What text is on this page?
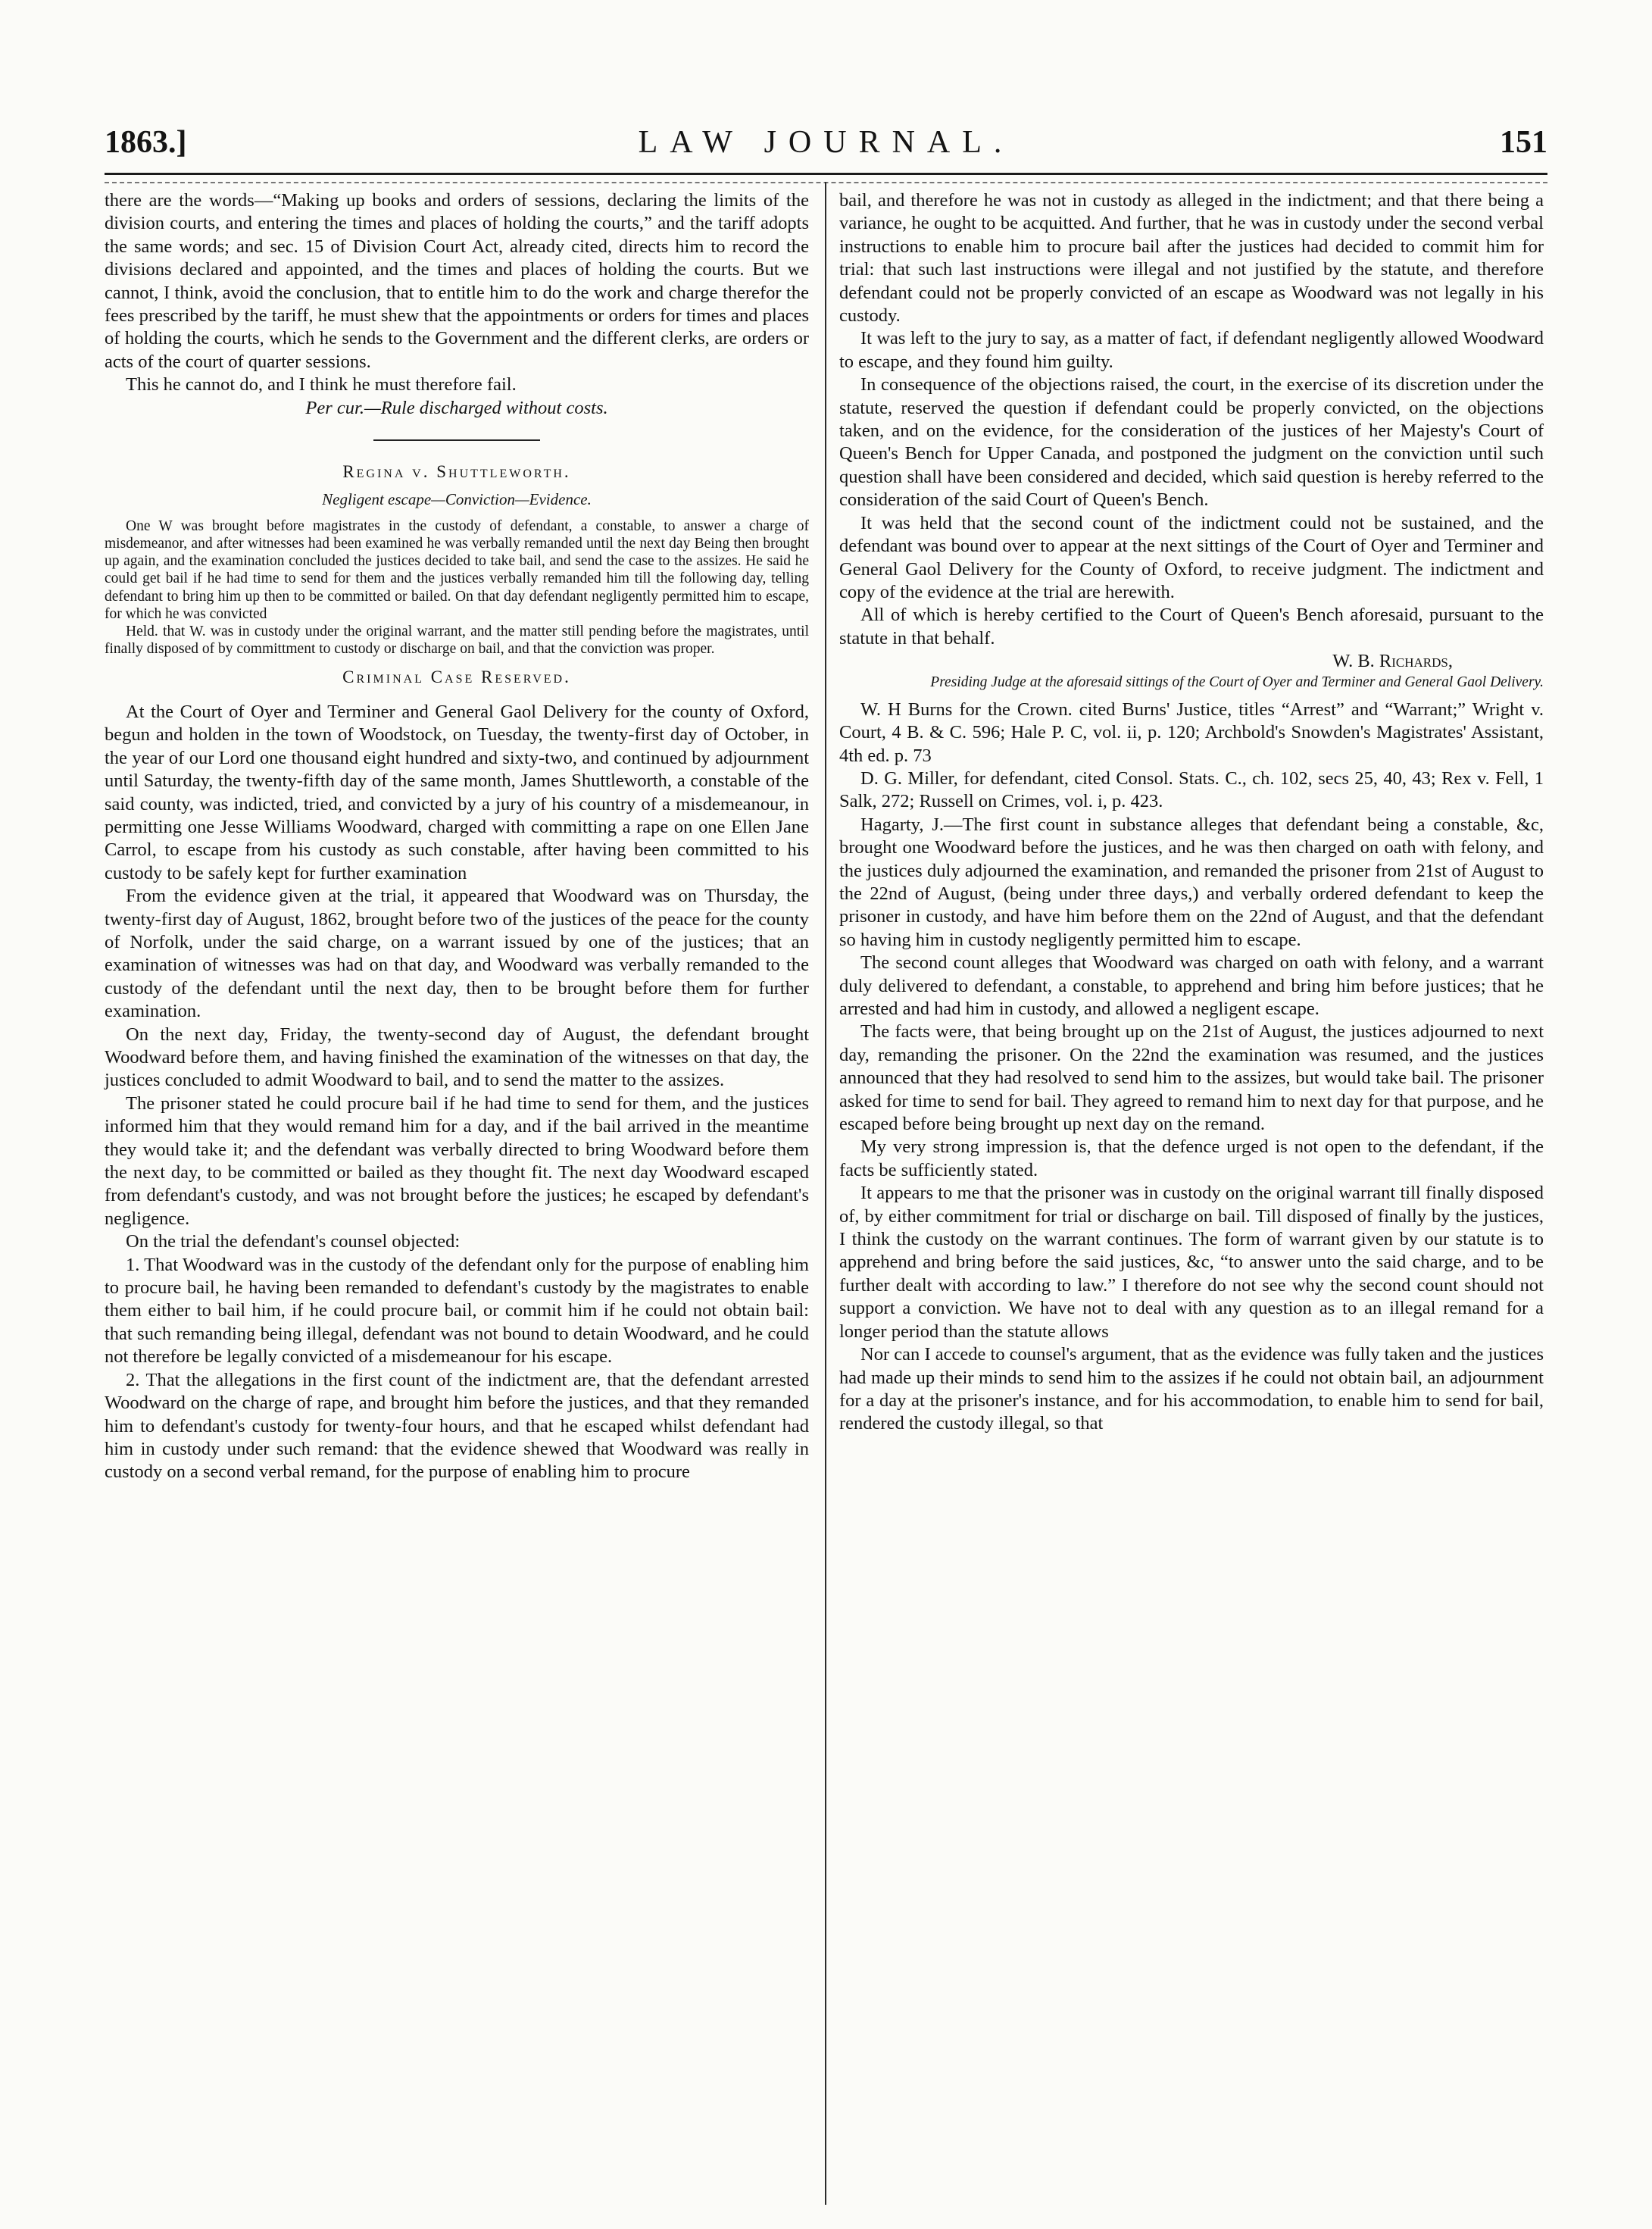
1863.]	LAW JOURNAL.	151

there are the words—“Making up books and orders of sessions, declaring the limits of the division courts, and entering the times and places of holding the courts,” and the tariff adopts the same words; and sec. 15 of Division Court Act, already cited, directs him to record the divisions declared and appointed, and the times and places of holding the courts. But we cannot, I think, avoid the conclusion, that to entitle him to do the work and charge therefor the fees prescribed by the tariff, he must shew that the appointments or orders for times and places of holding the courts, which he sends to the Government and the different clerks, are orders or acts of the court of quarter sessions.

This he cannot do, and I think he must therefore fail.

Per cur.—Rule discharged without costs.

Regina v. Shuttleworth.
Negligent escape—Conviction—Evidence.

One W was brought before magistrates in the custody of defendant, a constable, to answer a charge of misdemeanor, and after witnesses had been examined he was verbally remanded until the next day Being then brought up again, and the examination concluded the justices decided to take bail, and send the case to the assizes. He said he could get bail if he had time to send for them and the justices verbally remanded him till the following day, telling defendant to bring him up then to be committed or bailed. On that day defendant negligently permitted him to escape, for which he was convicted

Held. that W. was in custody under the original warrant, and the matter still pending before the magistrates, until finally disposed of by committment to custody or discharge on bail, and that the conviction was proper.

Criminal Case Reserved.

At the Court of Oyer and Terminer and General Gaol Delivery for the county of Oxford, begun and holden in the town of Woodstock, on Tuesday, the twenty-first day of October, in the year of our Lord one thousand eight hundred and sixty-two, and continued by adjournment until Saturday, the twenty-fifth day of the same month, James Shuttleworth, a constable of the said county, was indicted, tried, and convicted by a jury of his country of a misdemeanour, in permitting one Jesse Williams Woodward, charged with committing a rape on one Ellen Jane Carrol, to escape from his custody as such constable, after having been committed to his custody to be safely kept for further examination

From the evidence given at the trial, it appeared that Woodward was on Thursday, the twenty-first day of August, 1862, brought before two of the justices of the peace for the county of Norfolk, under the said charge, on a warrant issued by one of the justices; that an examination of witnesses was had on that day, and Woodward was verbally remanded to the custody of the defendant until the next day, then to be brought before them for further examination.

On the next day, Friday, the twenty-second day of August, the defendant brought Woodward before them, and having finished the examination of the witnesses on that day, the justices concluded to admit Woodward to bail, and to send the matter to the assizes.

The prisoner stated he could procure bail if he had time to send for them, and the justices informed him that they would remand him for a day, and if the bail arrived in the meantime they would take it; and the defendant was verbally directed to bring Woodward before them the next day, to be committed or bailed as they thought fit. The next day Woodward escaped from defendant's custody, and was not brought before the justices; he escaped by defendant's negligence.

On the trial the defendant's counsel objected:

1. That Woodward was in the custody of the defendant only for the purpose of enabling him to procure bail, he having been remanded to defendant's custody by the magistrates to enable them either to bail him, if he could procure bail, or commit him if he could not obtain bail: that such remanding being illegal, defendant was not bound to detain Woodward, and he could not therefore be legally convicted of a misdemeanour for his escape.

2. That the allegations in the first count of the indictment are, that the defendant arrested Woodward on the charge of rape, and brought him before the justices, and that they remanded him to defendant's custody for twenty-four hours, and that he escaped whilst defendant had him in custody under such remand: that the evidence shewed that Woodward was really in custody on a second verbal remand, for the purpose of enabling him to procure

bail, and therefore he was not in custody as alleged in the indictment; and that there being a variance, he ought to be acquitted. And further, that he was in custody under the second verbal instructions to enable him to procure bail after the justices had decided to commit him for trial: that such last instructions were illegal and not justified by the statute, and therefore defendant could not be properly convicted of an escape as Woodward was not legally in his custody.

It was left to the jury to say, as a matter of fact, if defendant negligently allowed Woodward to escape, and they found him guilty.

In consequence of the objections raised, the court, in the exercise of its discretion under the statute, reserved the question if defendant could be properly convicted, on the objections taken, and on the evidence, for the consideration of the justices of her Majesty's Court of Queen's Bench for Upper Canada, and postponed the judgment on the conviction until such question shall have been considered and decided, which said question is hereby referred to the consideration of the said Court of Queen's Bench.

It was held that the second count of the indictment could not be sustained, and the defendant was bound over to appear at the next sittings of the Court of Oyer and Terminer and General Gaol Delivery for the County of Oxford, to receive judgment. The indictment and copy of the evidence at the trial are herewith.

All of which is hereby certified to the Court of Queen's Bench aforesaid, pursuant to the statute in that behalf.

W. B. Richards,

Presiding Judge at the aforesaid sittings of the Court of Oyer and Terminer and General Gaol Delivery.

W. H Burns for the Crown. cited Burns' Justice, titles “Arrest” and “Warrant;” Wright v. Court, 4 B. & C. 596; Hale P. C, vol. ii, p. 120; Archbold's Snowden's Magistrates' Assistant, 4th ed. p. 73

D. G. Miller, for defendant, cited Consol. Stats. C., ch. 102, secs 25, 40, 43; Rex v. Fell, 1 Salk, 272; Russell on Crimes, vol. i, p. 423.

Hagarty, J.—The first count in substance alleges that defendant being a constable, &c, brought one Woodward before the justices, and he was then charged on oath with felony, and the justices duly adjourned the examination, and remanded the prisoner from 21st of August to the 22nd of August, (being under three days,) and verbally ordered defendant to keep the prisoner in custody, and have him before them on the 22nd of August, and that the defendant so having him in custody negligently permitted him to escape.

The second count alleges that Woodward was charged on oath with felony, and a warrant duly delivered to defendant, a constable, to apprehend and bring him before justices; that he arrested and had him in custody, and allowed a negligent escape.

The facts were, that being brought up on the 21st of August, the justices adjourned to next day, remanding the prisoner. On the 22nd the examination was resumed, and the justices announced that they had resolved to send him to the assizes, but would take bail. The prisoner asked for time to send for bail. They agreed to remand him to next day for that purpose, and he escaped before being brought up next day on the remand.

My very strong impression is, that the defence urged is not open to the defendant, if the facts be sufficiently stated.

It appears to me that the prisoner was in custody on the original warrant till finally disposed of, by either commitment for trial or discharge on bail. Till disposed of finally by the justices, I think the custody on the warrant continues. The form of warrant given by our statute is to apprehend and bring before the said justices, &c, “to answer unto the said charge, and to be further dealt with according to law.” I therefore do not see why the second count should not support a conviction. We have not to deal with any question as to an illegal remand for a longer period than the statute allows

Nor can I accede to counsel's argument, that as the evidence was fully taken and the justices had made up their minds to send him to the assizes if he could not obtain bail, an adjournment for a day at the prisoner's instance, and for his accommodation, to enable him to send for bail, rendered the custody illegal, so that
